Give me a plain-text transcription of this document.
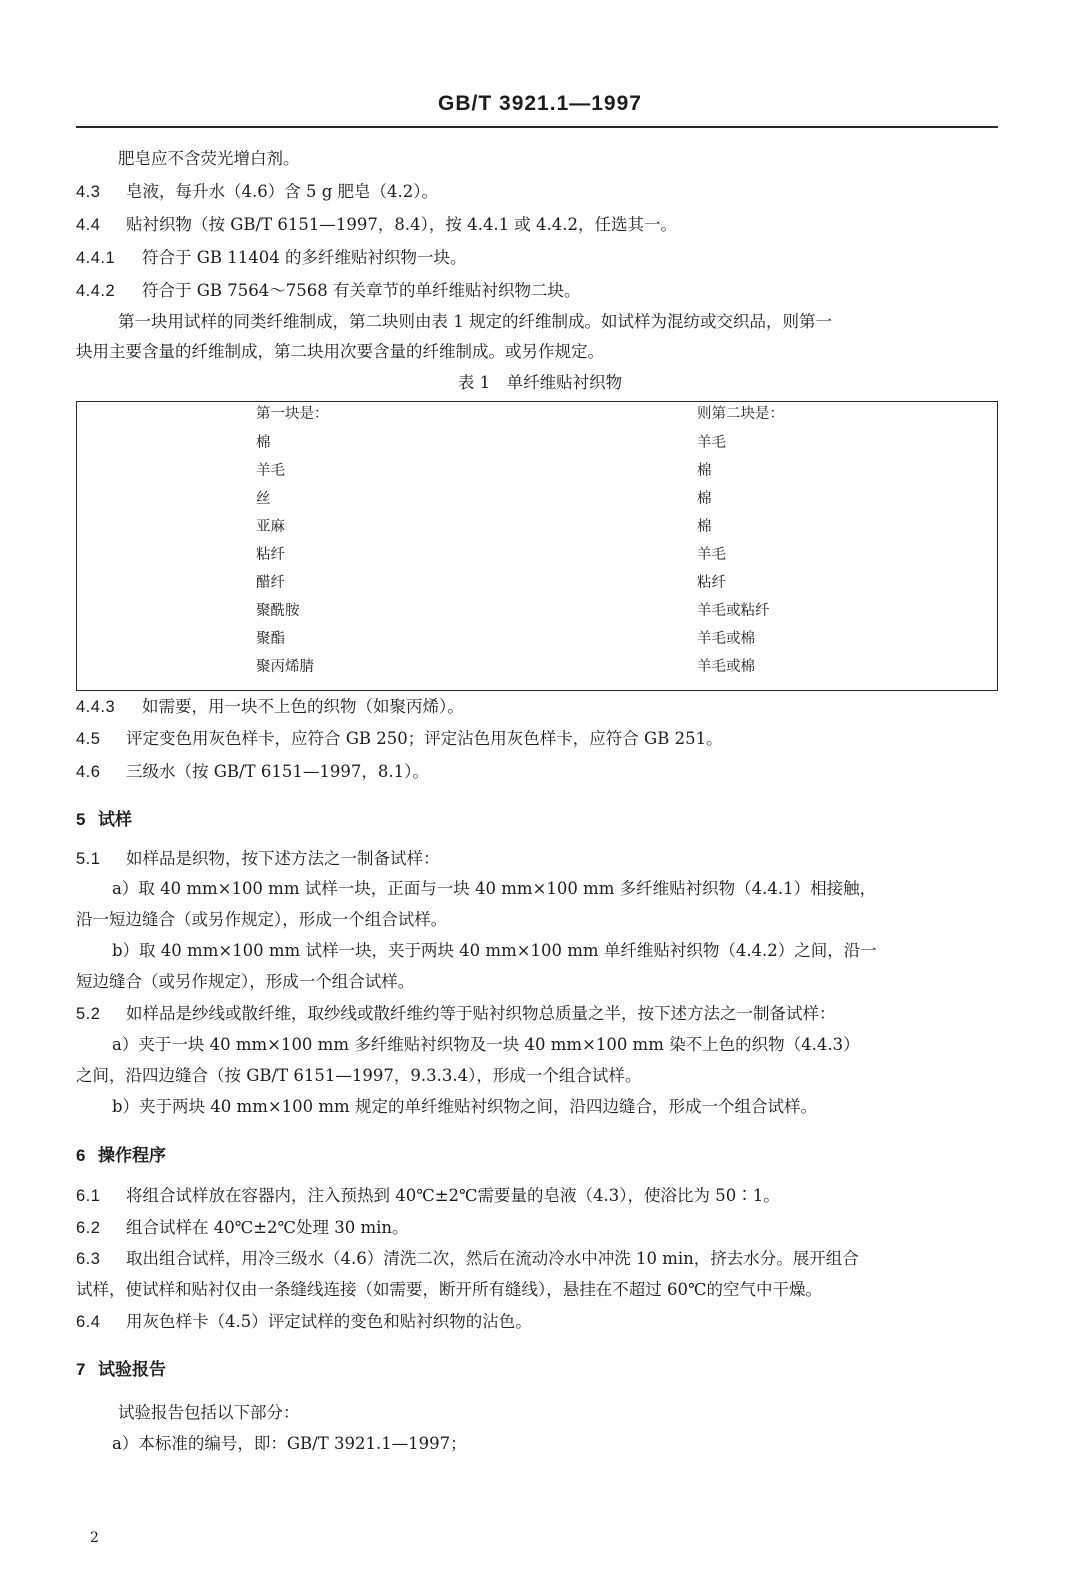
GB/T 3921.1—1997
肥皂应不含荧光增白剂。
4.3 皂液，每升水（4.6）含 5 g 肥皂（4.2）。
4.4 贴衬织物（按 GB/T 6151—1997，8.4），按 4.4.1 或 4.4.2，任选其一。
4.4.1 符合于 GB 11404 的多纤维贴衬织物一块。
4.4.2 符合于 GB 7564～7568 有关章节的单纤维贴衬织物二块。
第一块用试样的同类纤维制成，第二块则由表 1 规定的纤维制成。如试样为混纺或交织品，则第一
块用主要含量的纤维制成，第二块用次要含量的纤维制成。或另作规定。
表 1　单纤维贴衬织物
第一块是：	则第二块是：
棉	羊毛
羊毛	棉
丝	棉
亚麻	棉
粘纤	羊毛
醋纤	粘纤
聚酰胺	羊毛或粘纤
聚酯	羊毛或棉
聚丙烯腈	羊毛或棉
4.4.3 如需要，用一块不上色的织物（如聚丙烯）。
4.5 评定变色用灰色样卡，应符合 GB 250；评定沾色用灰色样卡，应符合 GB 251。
4.6 三级水（按 GB/T 6151—1997，8.1）。
5 试样
5.1 如样品是织物，按下述方法之一制备试样：
a）取 40 mm×100 mm 试样一块，正面与一块 40 mm×100 mm 多纤维贴衬织物（4.4.1）相接触，
沿一短边缝合（或另作规定），形成一个组合试样。
b）取 40 mm×100 mm 试样一块，夹于两块 40 mm×100 mm 单纤维贴衬织物（4.4.2）之间，沿一
短边缝合（或另作规定），形成一个组合试样。
5.2 如样品是纱线或散纤维，取纱线或散纤维约等于贴衬织物总质量之半，按下述方法之一制备试样：
a）夹于一块 40 mm×100 mm 多纤维贴衬织物及一块 40 mm×100 mm 染不上色的织物（4.4.3）
之间，沿四边缝合（按 GB/T 6151—1997，9.3.3.4），形成一个组合试样。
b）夹于两块 40 mm×100 mm 规定的单纤维贴衬织物之间，沿四边缝合，形成一个组合试样。
6 操作程序
6.1 将组合试样放在容器内，注入预热到 40℃±2℃需要量的皂液（4.3），使浴比为 50∶1。
6.2 组合试样在 40℃±2℃处理 30 min。
6.3 取出组合试样，用冷三级水（4.6）清洗二次，然后在流动冷水中冲洗 10 min，挤去水分。展开组合
试样，使试样和贴衬仅由一条缝线连接（如需要，断开所有缝线），悬挂在不超过 60℃的空气中干燥。
6.4 用灰色样卡（4.5）评定试样的变色和贴衬织物的沾色。
7 试验报告
试验报告包括以下部分：
a）本标准的编号，即：GB/T 3921.1—1997；
2
